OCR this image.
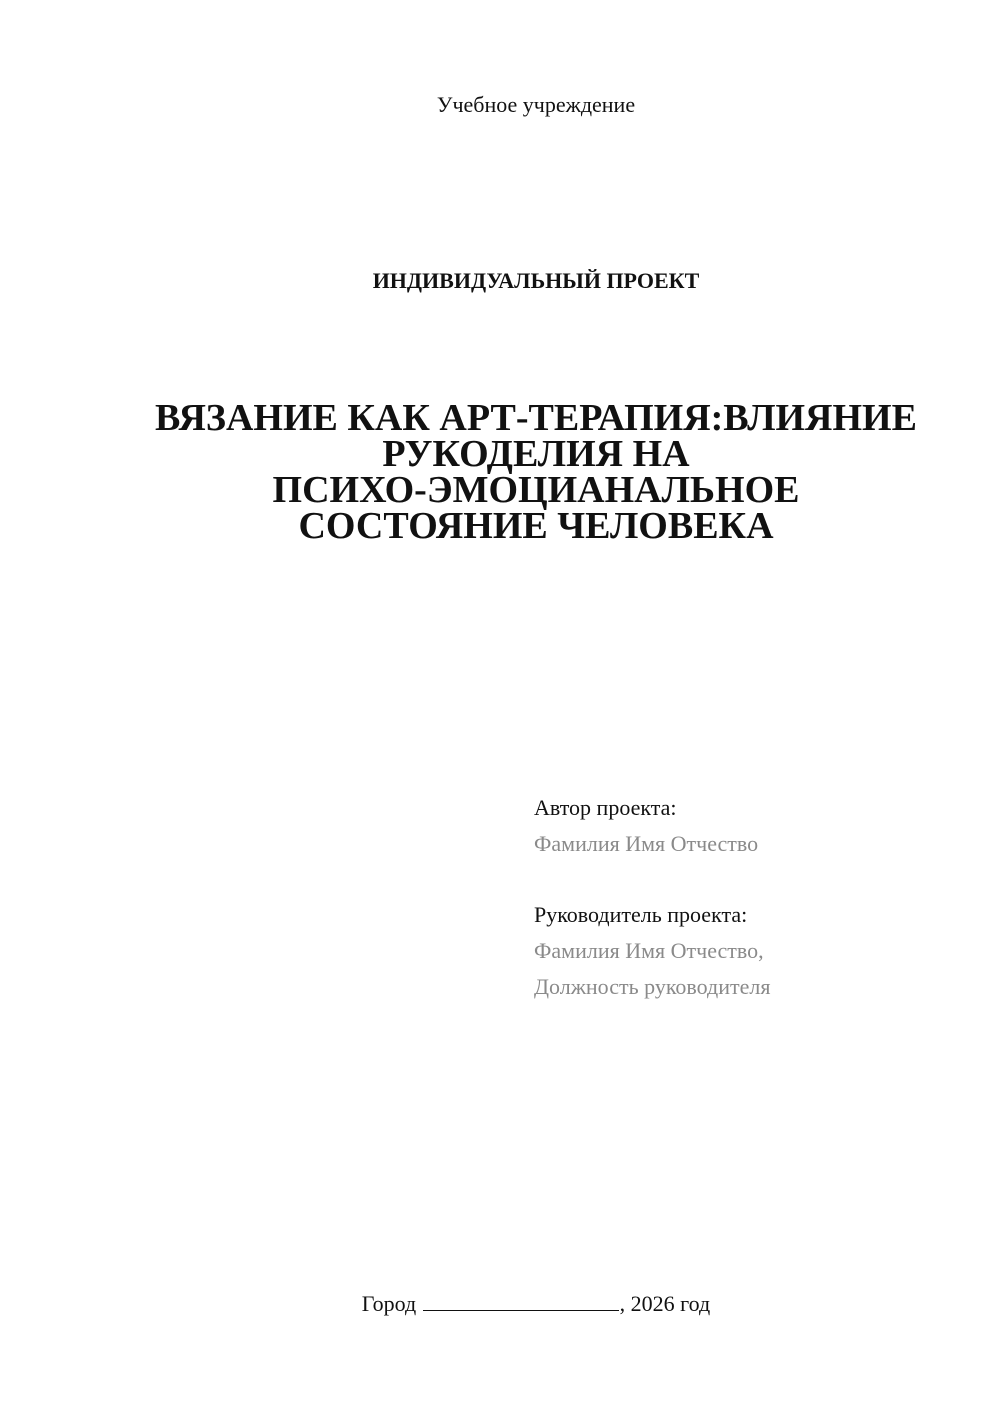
Учебное учреждение
ИНДИВИДУАЛЬНЫЙ ПРОЕКТ
ВЯЗАНИЕ КАК АРТ-ТЕРАПИЯ:ВЛИЯНИЕ
РУКОДЕЛИЯ НА
ПСИХО-ЭМОЦИАНАЛЬНОЕ
СОСТОЯНИЕ ЧЕЛОВЕКА
Автор проекта:
Фамилия Имя Отчество
Руководитель проекта:
Фамилия Имя Отчество,
Должность руководителя
Город	, 2026 год
